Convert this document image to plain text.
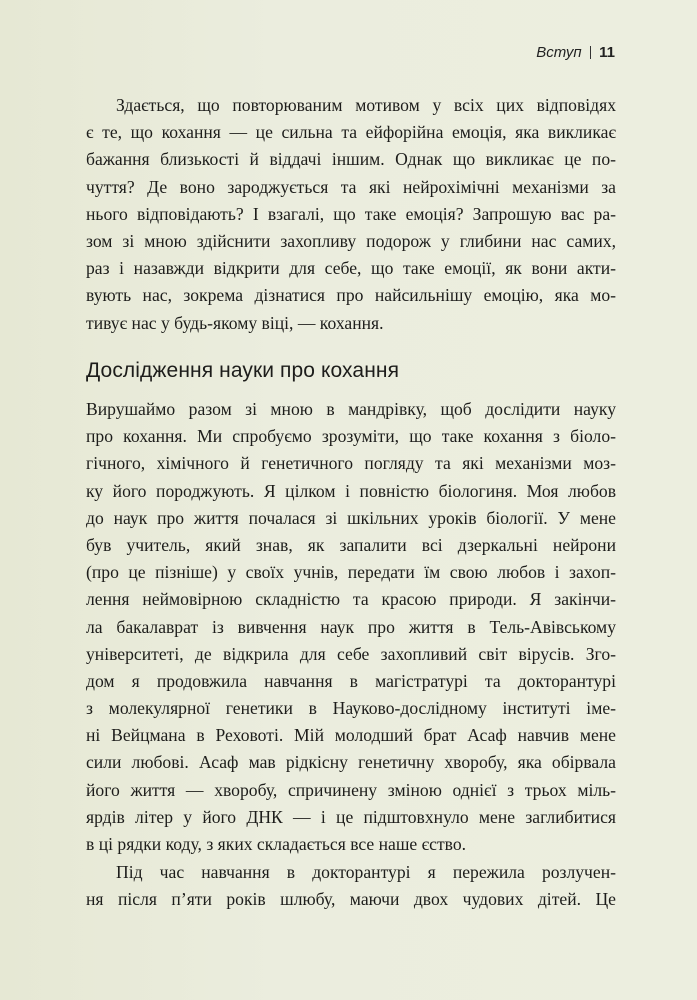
Вступ 11
Здається, що повторюваним мотивом у всіх цих відповідях
є те, що кохання — це сильна та ейфорійна емоція, яка викликає
бажання близькості й віддачі іншим. Однак що викликає це по-
чуття? Де воно зароджується та які нейрохімічні механізми за
нього відповідають? І взагалі, що таке емоція? Запрошую вас ра-
зом зі мною здійснити захопливу подорож у глибини нас самих,
раз і назавжди відкрити для себе, що таке емоції, як вони акти-
вують нас, зокрема дізнатися про найсильнішу емоцію, яка мо-
тивує нас у будь-якому віці, — кохання.
Дослідження науки про кохання
Вирушаймо разом зі мною в мандрівку, щоб дослідити науку
про кохання. Ми спробуємо зрозуміти, що таке кохання з біоло-
гічного, хімічного й генетичного погляду та які механізми моз-
ку його породжують. Я цілком і повністю біологиня. Моя любов
до наук про життя почалася зі шкільних уроків біології. У мене
був учитель, який знав, як запалити всі дзеркальні нейрони
(про це пізніше) у своїх учнів, передати їм свою любов і захоп-
лення неймовірною складністю та красою природи. Я закінчи-
ла бакалаврат із вивчення наук про життя в Тель-Авівському
університеті, де відкрила для себе захопливий світ вірусів. Зго-
дом я продовжила навчання в магістратурі та докторантурі
з молекулярної генетики в Науково-дослідному інституті іме-
ні Вейцмана в Реховоті. Мій молодший брат Асаф навчив мене
сили любові. Асаф мав рідкісну генетичну хворобу, яка обірвала
його життя — хворобу, спричинену зміною однієї з трьох міль-
ярдів літер у його ДНК — і це підштовхнуло мене заглибитися
в ці рядки коду, з яких складається все наше єство.
Під час навчання в докторантурі я пережила розлучен-
ня після п’яти років шлюбу, маючи двох чудових дітей. Це
